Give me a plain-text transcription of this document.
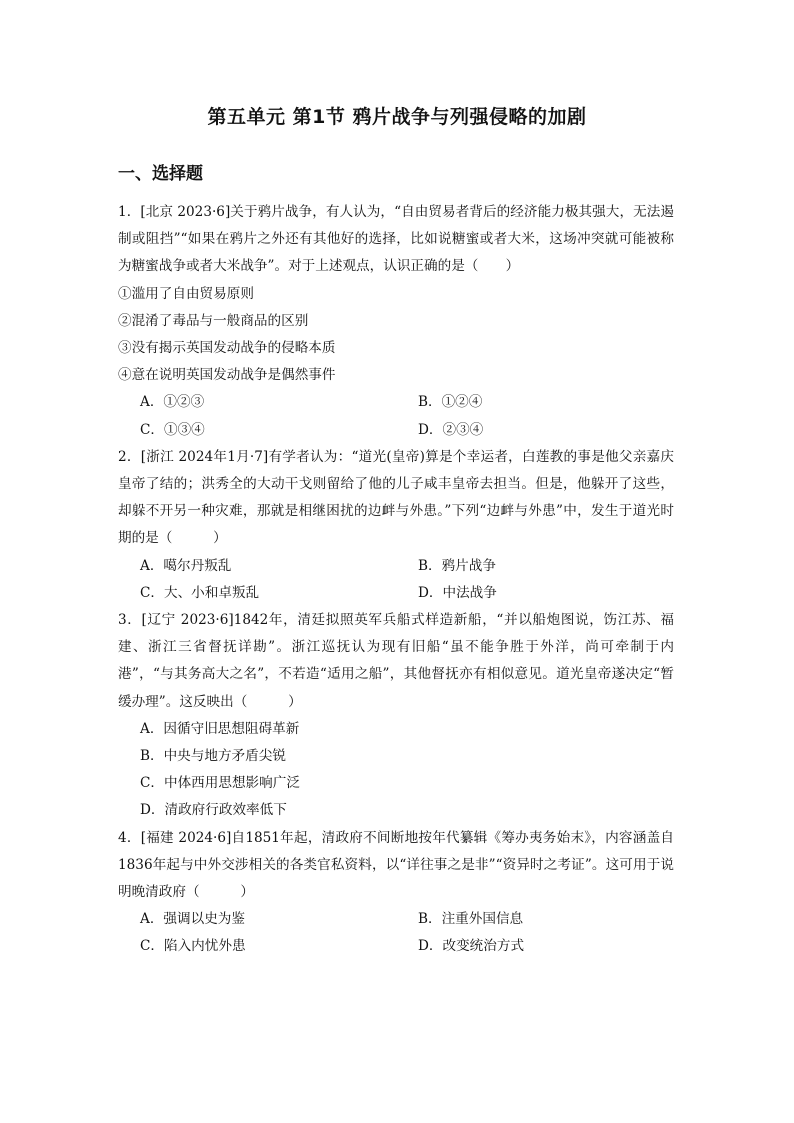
第五单元 第1节 鸦片战争与列强侵略的加剧
一、选择题

1．[北京 2023·6]关于鸦片战争，有人认为，“自由贸易者背后的经济能力极其强大，无法遏制或阻挡”“如果在鸦片之外还有其他好的选择，比如说糖蜜或者大米，这场冲突就可能被称为糖蜜战争或者大米战争”。对于上述观点，认识正确的是（　　）

①滥用了自由贸易原则

②混淆了毒品与一般商品的区别

③没有揭示英国发动战争的侵略本质

④意在说明英国发动战争是偶然事件

A．①②③	B．①②④
C．①③④	D．②③④

2．[浙江 2024年1月·7]有学者认为：“道光(皇帝)算是个幸运者，白莲教的事是他父亲嘉庆皇帝了结的；洪秀全的大动干戈则留给了他的儿子咸丰皇帝去担当。但是，他躲开了这些，却躲不开另一种灾难，那就是相继困扰的边衅与外患。”下列“边衅与外患”中，发生于道光时期的是（　　　）

A．噶尔丹叛乱	B．鸦片战争
C．大、小和卓叛乱	D．中法战争

3．[辽宁 2023·6]1842年，清廷拟照英军兵船式样造新船，“并以船炮图说，饬江苏、福建、浙江三省督抚详勘”。浙江巡抚认为现有旧船“虽不能争胜于外洋，尚可牵制于内港”，“与其务高大之名”，不若造“适用之船”，其他督抚亦有相似意见。道光皇帝遂决定“暂缓办理”。这反映出（　　　）

A．因循守旧思想阻碍革新
B．中央与地方矛盾尖锐
C．中体西用思想影响广泛
D．清政府行政效率低下

4．[福建 2024·6]自1851年起，清政府不间断地按年代纂辑《筹办夷务始末》，内容涵盖自1836年起与中外交涉相关的各类官私资料，以“详往事之是非”“资异时之考证”。这可用于说明晚清政府（　　　）

A．强调以史为鉴	B．注重外国信息
C．陷入内忧外患	D．改变统治方式
